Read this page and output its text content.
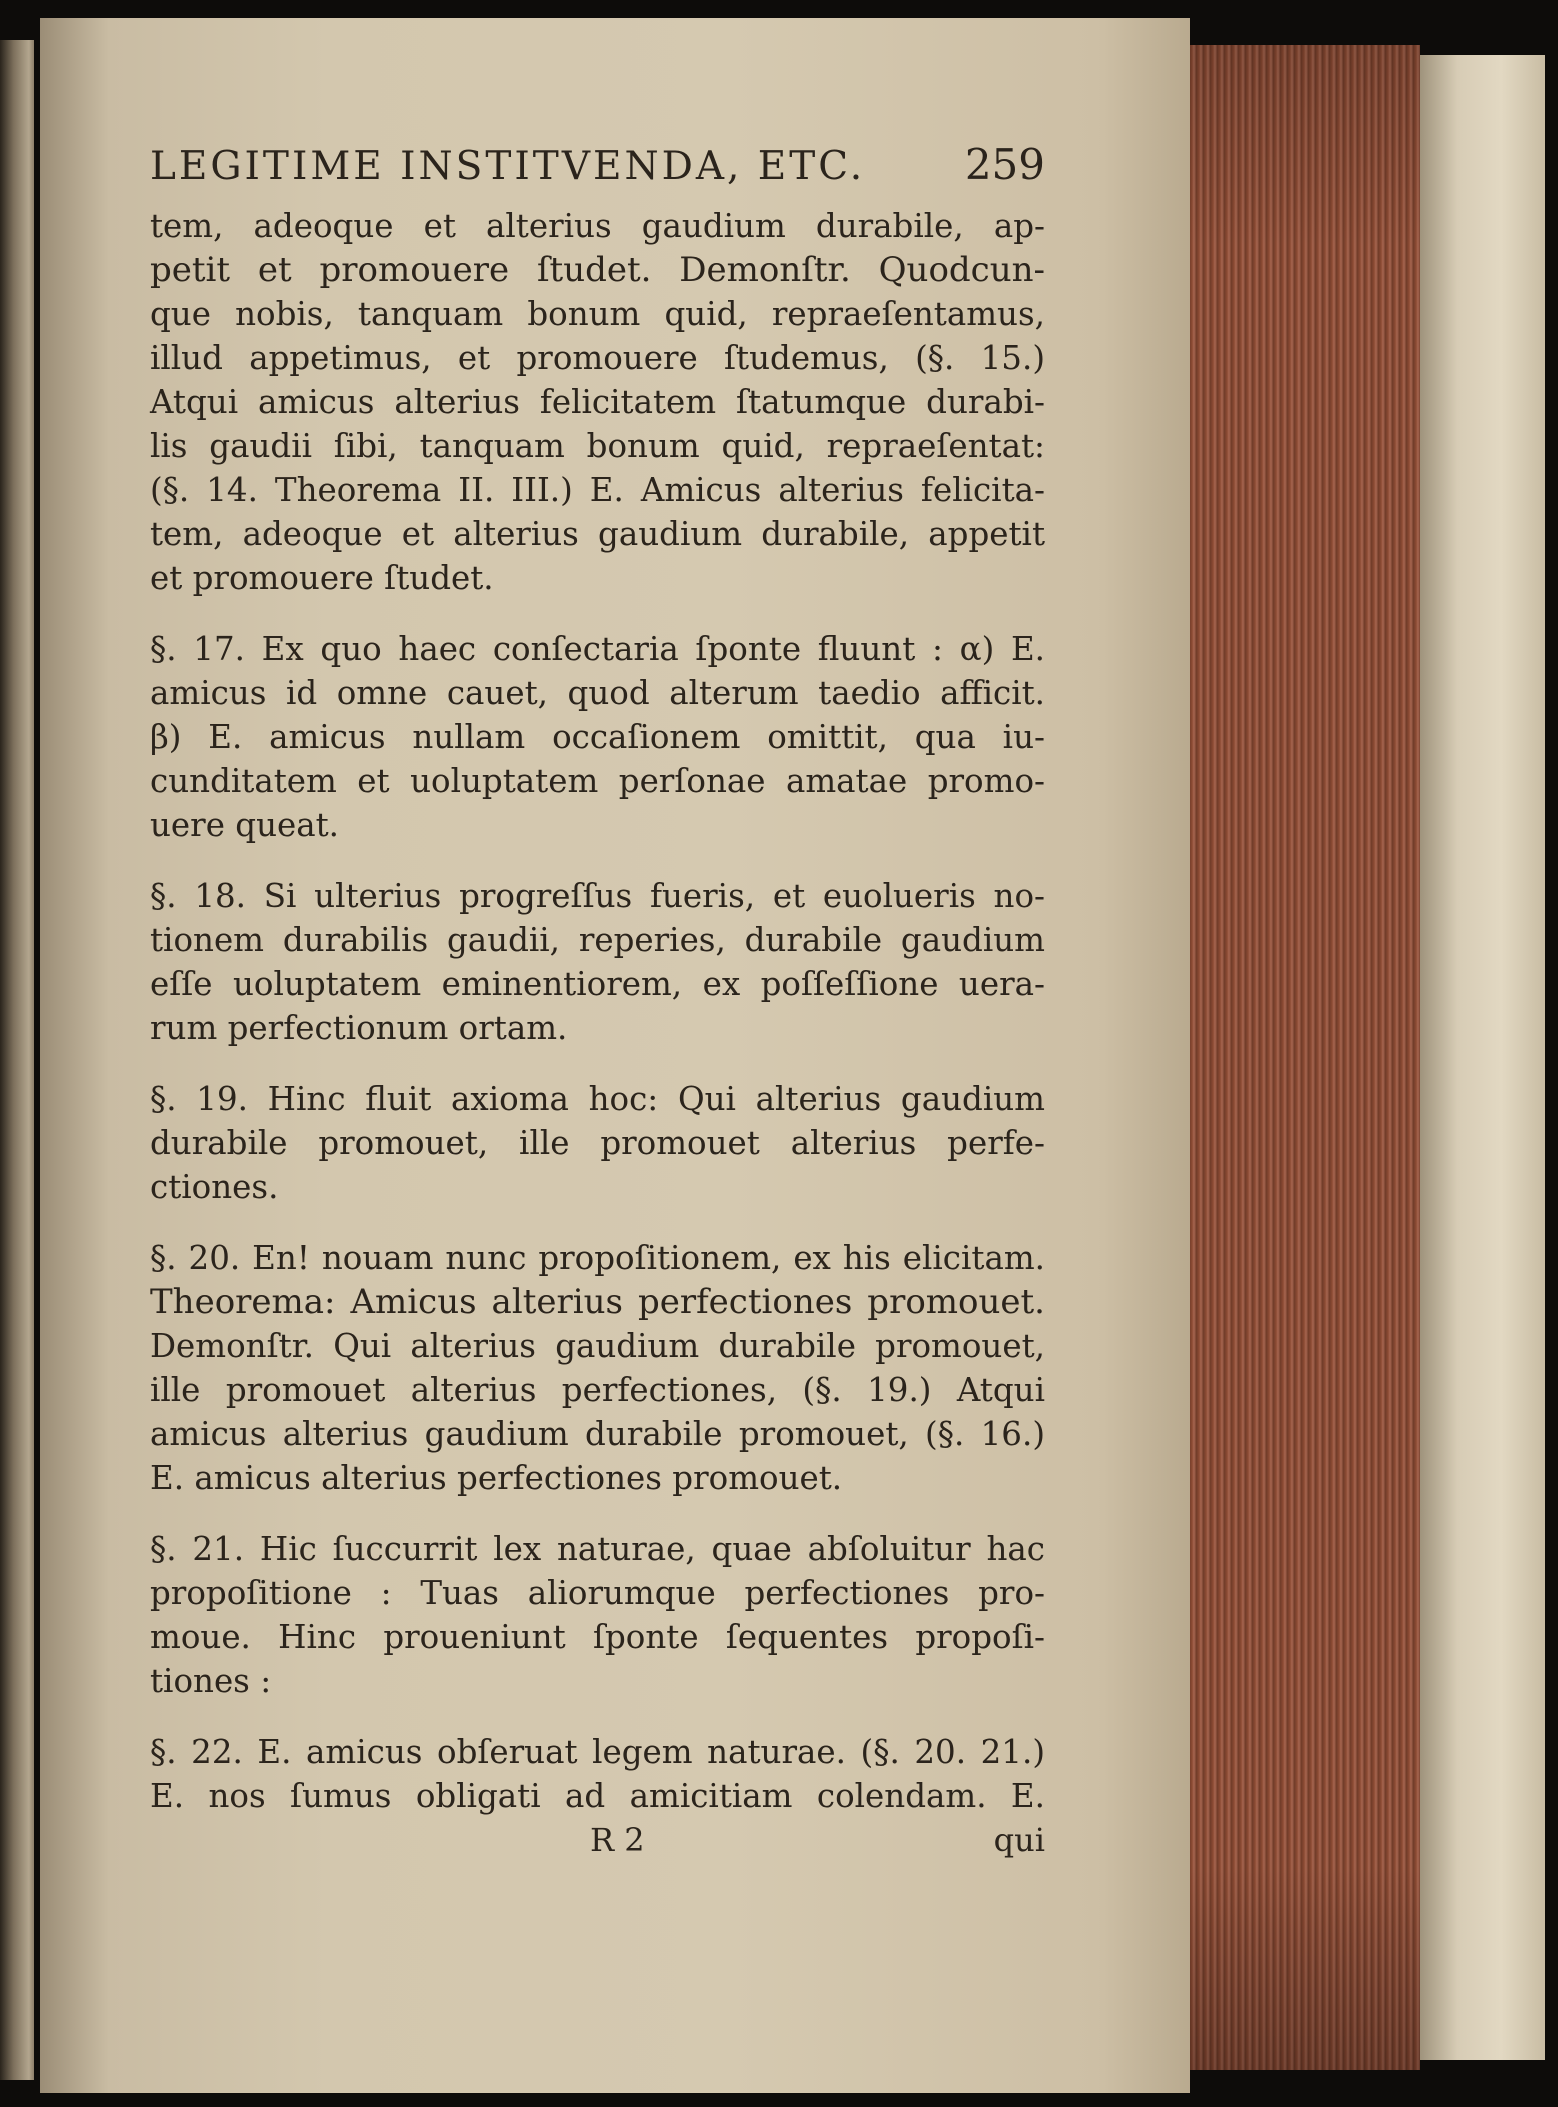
LEGITIME INSTITVENDA, ETC. 259
tem, adeoque et alterius gaudium durabile, ap-
petit et promouere ſtudet. Demonſtr. Quodcun-
que nobis, tanquam bonum quid, repraeſentamus,
illud appetimus, et promouere ſtudemus, (§. 15.)
Atqui amicus alterius felicitatem ſtatumque durabi-
lis gaudii ſibi, tanquam bonum quid, repraeſentat:
(§. 14. Theorema II. III.) E. Amicus alterius felicita-
tem, adeoque et alterius gaudium durabile, appetit
et promouere ſtudet.
§. 17. Ex quo haec conſectaria ſponte fluunt : α) E.
amicus id omne cauet, quod alterum taedio afficit.
β) E. amicus nullam occaſionem omittit, qua iu-
cunditatem et uoluptatem perſonae amatae promo-
uere queat.
§. 18. Si ulterius progreſſus fueris, et euolueris no-
tionem durabilis gaudii, reperies, durabile gaudium
eſſe uoluptatem eminentiorem, ex poſſeſſione uera-
rum perfectionum ortam.
§. 19. Hinc fluit axioma hoc: Qui alterius gaudium
durabile promouet, ille promouet alterius perfe-
ctiones.
§. 20. En! nouam nunc propoſitionem, ex his elicitam.
Theorema: Amicus alterius perfectiones promouet.
Demonſtr. Qui alterius gaudium durabile promouet,
ille promouet alterius perfectiones, (§. 19.) Atqui
amicus alterius gaudium durabile promouet, (§. 16.)
E. amicus alterius perfectiones promouet.
§. 21. Hic ſuccurrit lex naturae, quae abſoluitur hac
propoſitione : Tuas aliorumque perfectiones pro-
moue. Hinc proueniunt ſponte ſequentes propoſi-
tiones :
§. 22. E. amicus obſeruat legem naturae. (§. 20. 21.)
E. nos ſumus obligati ad amicitiam colendam. E.
R 2	qui
